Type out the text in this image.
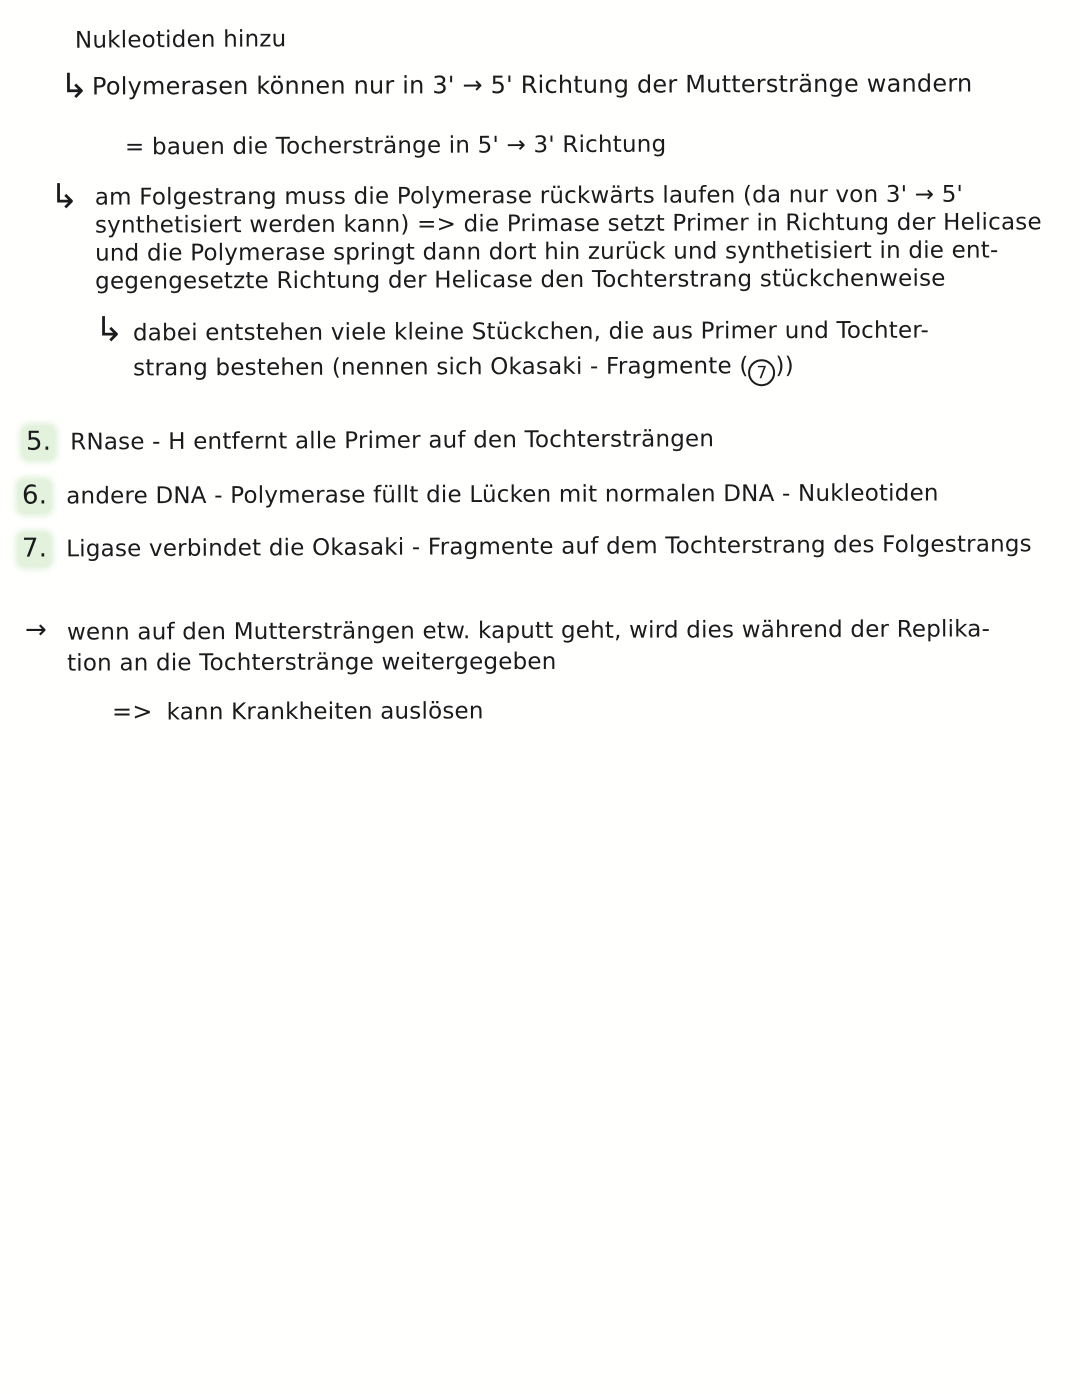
Nukleotiden hinzu
↳ Polymerasen können nur in 3' → 5' Richtung der Mutterstränge wandern
= bauen die Tocherstränge in 5' → 3' Richtung
↳ am Folgestrang muss die Polymerase rückwärts laufen (da nur von 3' → 5'
synthetisiert werden kann) => die Primase setzt Primer in Richtung der Helicase
und die Polymerase springt dann dort hin zurück und synthetisiert in die ent-
gegengesetzte Richtung der Helicase den Tochterstrang stückchenweise
↳ dabei entstehen viele kleine Stückchen, die aus Primer und Tochter-
strang bestehen (nennen sich Okasaki - Fragmente ( 7 ))
5. RNase - H entfernt alle Primer auf den Tochtersträngen
6. andere DNA - Polymerase füllt die Lücken mit normalen DNA - Nukleotiden
7. Ligase verbindet die Okasaki - Fragmente auf dem Tochterstrang des Folgestrangs
→ wenn auf den Muttersträngen etw. kaputt geht, wird dies während der Replika-
tion an die Tochterstränge weitergegeben
=> kann Krankheiten auslösen
